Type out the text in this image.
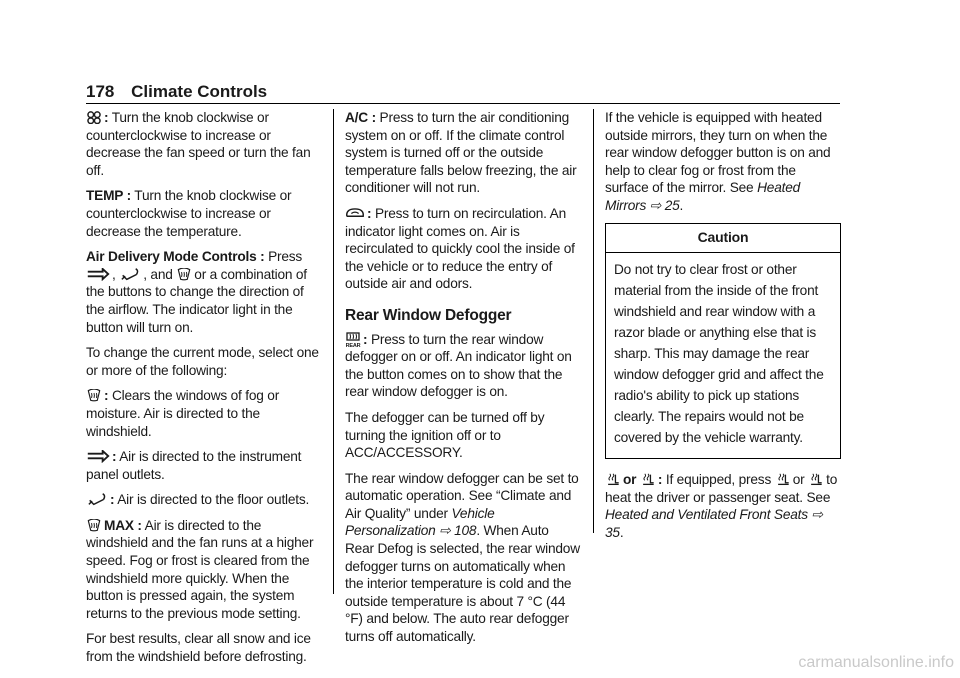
178 Climate Controls

: Turn the knob clockwise or counterclockwise to increase or decrease the fan speed or turn the fan off.

TEMP : Turn the knob clockwise or counterclockwise to increase or decrease the temperature.

Air Delivery Mode Controls : Press
, , and or a combination of the buttons to change the direction of the airflow. The indicator light in the button will turn on.

To change the current mode, select one or more of the following:

: Clears the windows of fog or moisture. Air is directed to the windshield.

: Air is directed to the instrument panel outlets.

: Air is directed to the floor outlets.

MAX : Air is directed to the windshield and the fan runs at a higher speed. Fog or frost is cleared from the windshield more quickly. When the button is pressed again, the system returns to the previous mode setting.

For best results, clear all snow and ice from the windshield before defrosting.

A/C : Press to turn the air conditioning system on or off. If the climate control system is turned off or the outside temperature falls below freezing, the air conditioner will not run.

: Press to turn on recirculation. An indicator light comes on. Air is recirculated to quickly cool the inside of the vehicle or to reduce the entry of outside air and odors.

Rear Window Defogger

: Press to turn the rear window defogger on or off. An indicator light on the button comes on to show that the rear window defogger is on.

The defogger can be turned off by turning the ignition off or to ACC/ACCESSORY.

The rear window defogger can be set to automatic operation. See “Climate and Air Quality” under Vehicle Personalization ⇨ 108. When Auto Rear Defog is selected, the rear window defogger turns on automatically when the interior temperature is cold and the outside temperature is about 7 °C (44 °F) and below. The auto rear defogger turns off automatically.

If the vehicle is equipped with heated outside mirrors, they turn on when the rear window defogger button is on and help to clear fog or frost from the surface of the mirror. See Heated Mirrors ⇨ 25.

Caution
Do not try to clear frost or other material from the inside of the front windshield and rear window with a razor blade or anything else that is sharp. This may damage the rear window defogger grid and affect the radio's ability to pick up stations clearly. The repairs would not be covered by the vehicle warranty.

or : If equipped, press or to heat the driver or passenger seat. See Heated and Ventilated Front Seats ⇨ 35.

carmanualsonline.info
